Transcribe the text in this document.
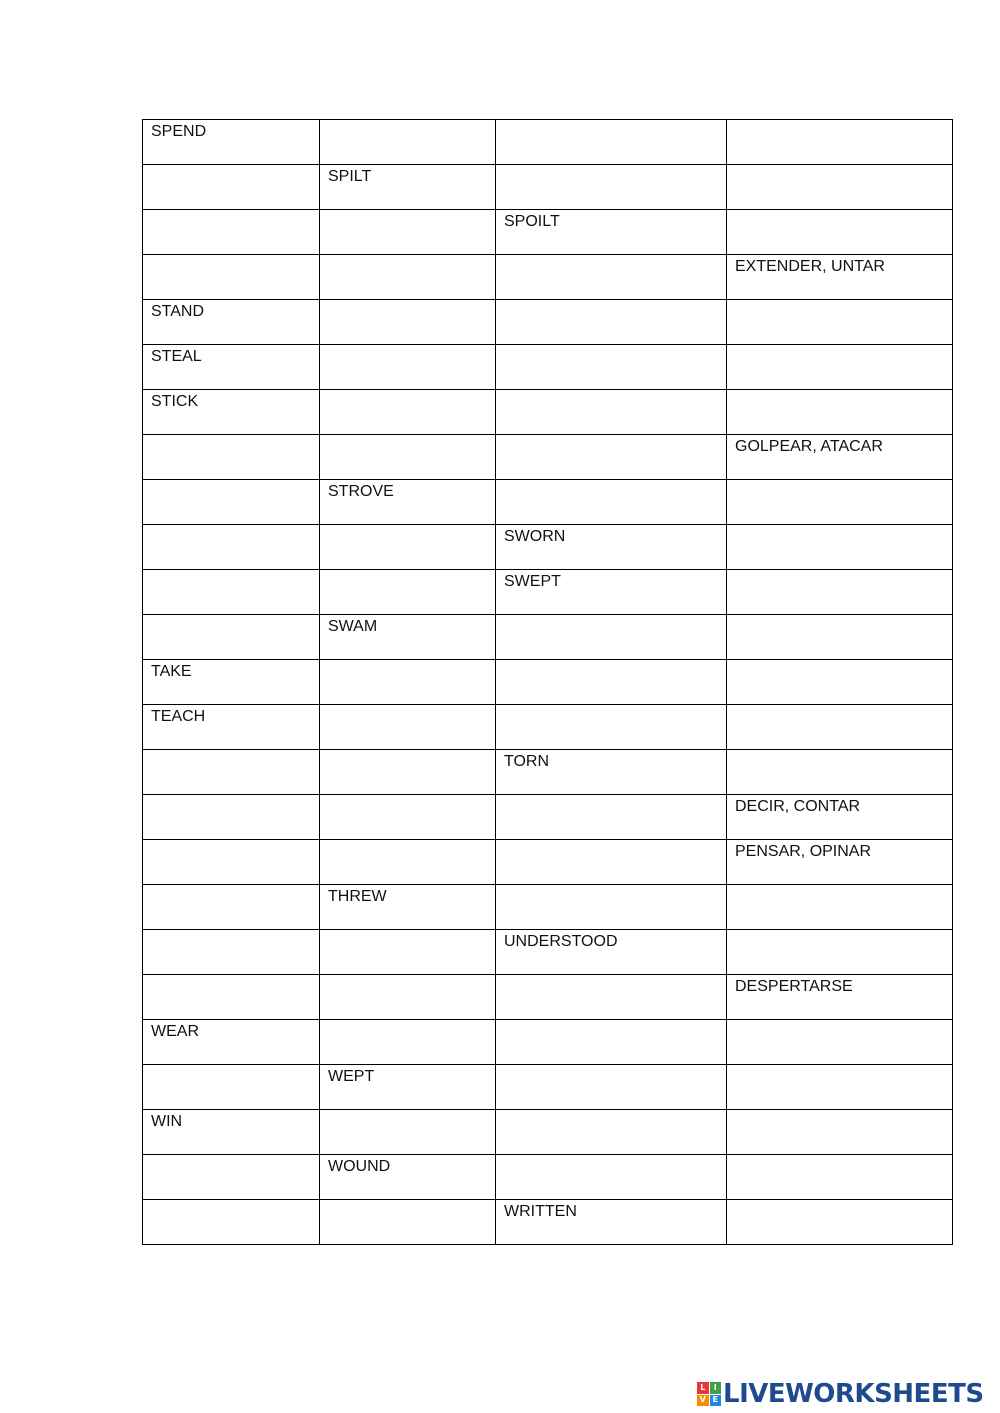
SPEND			

	SPILT		

		SPOILT	

			EXTENDER, UNTAR

STAND			

STEAL			

STICK			

			GOLPEAR, ATACAR

	STROVE		

		SWORN	

		SWEPT	

	SWAM		

TAKE			

TEACH			

		TORN	

			DECIR, CONTAR

			PENSAR, OPINAR

	THREW		

		UNDERSTOOD	

			DESPERTARSE

WEAR			

	WEPT		

WIN			

	WOUND		

		WRITTEN	

L	I
V E LIVEWORKSHEETS
